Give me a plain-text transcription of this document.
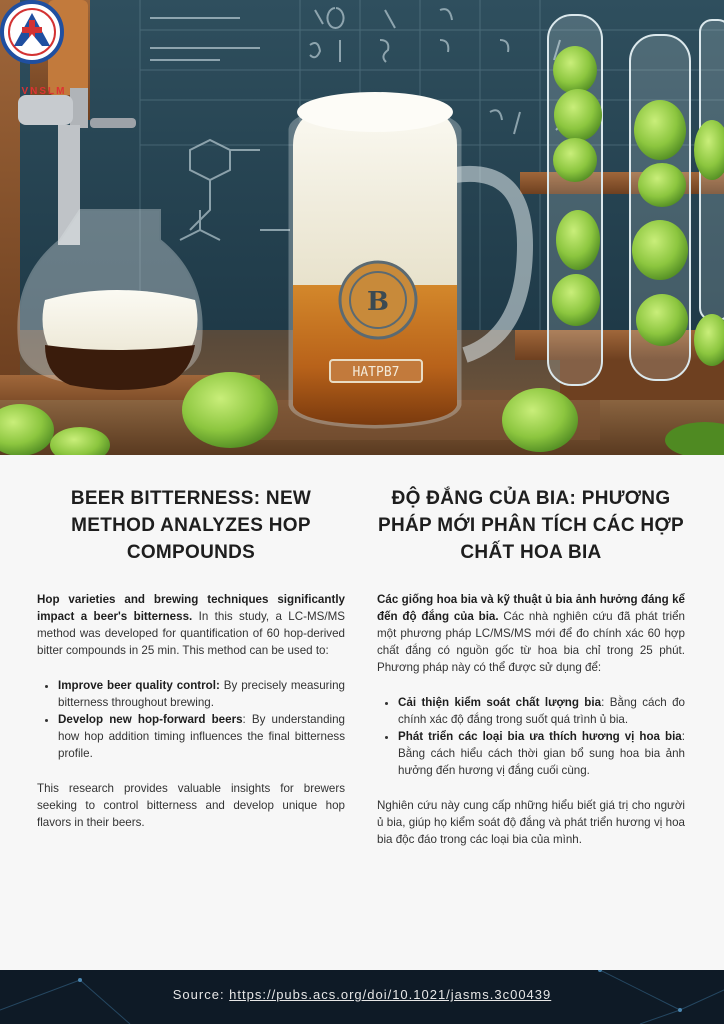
B
HATPB7
VNSLM
BEER BITTERNESS: NEW METHOD ANALYZES HOP COMPOUNDS

Hop varieties and brewing techniques significantly impact a beer's bitterness. In this study, a LC-MS/MS method was developed for quantification of 60 hop-derived bitter compounds in 25 min. This method can be used to:

• Improve beer quality control: By precisely measuring bitterness throughout brewing.
• Develop new hop-forward beers: By understanding how hop addition timing influences the final bitterness profile.

This research provides valuable insights for brewers seeking to control bitterness and develop unique hop flavors in their beers.

ĐỘ ĐẮNG CỦA BIA: PHƯƠNG PHÁP MỚI PHÂN TÍCH CÁC HỢP CHẤT HOA BIA

Các giống hoa bia và kỹ thuật ủ bia ảnh hưởng đáng kể đến độ đắng của bia. Các nhà nghiên cứu đã phát triển một phương pháp LC/MS/MS mới để đo chính xác 60 hợp chất đắng có nguồn gốc từ hoa bia chỉ trong 25 phút. Phương pháp này có thể được sử dụng để:

• Cải thiện kiểm soát chất lượng bia: Bằng cách đo chính xác độ đắng trong suốt quá trình ủ bia.
• Phát triển các loại bia ưa thích hương vị hoa bia: Bằng cách hiểu cách thời gian bổ sung hoa bia ảnh hưởng đến hương vị đắng cuối cùng.

Nghiên cứu này cung cấp những hiểu biết giá trị cho người ủ bia, giúp họ kiểm soát độ đắng và phát triển hương vị hoa bia độc đáo trong các loại bia của mình.

Source: https://pubs.acs.org/doi/10.1021/jasms.3c00439
